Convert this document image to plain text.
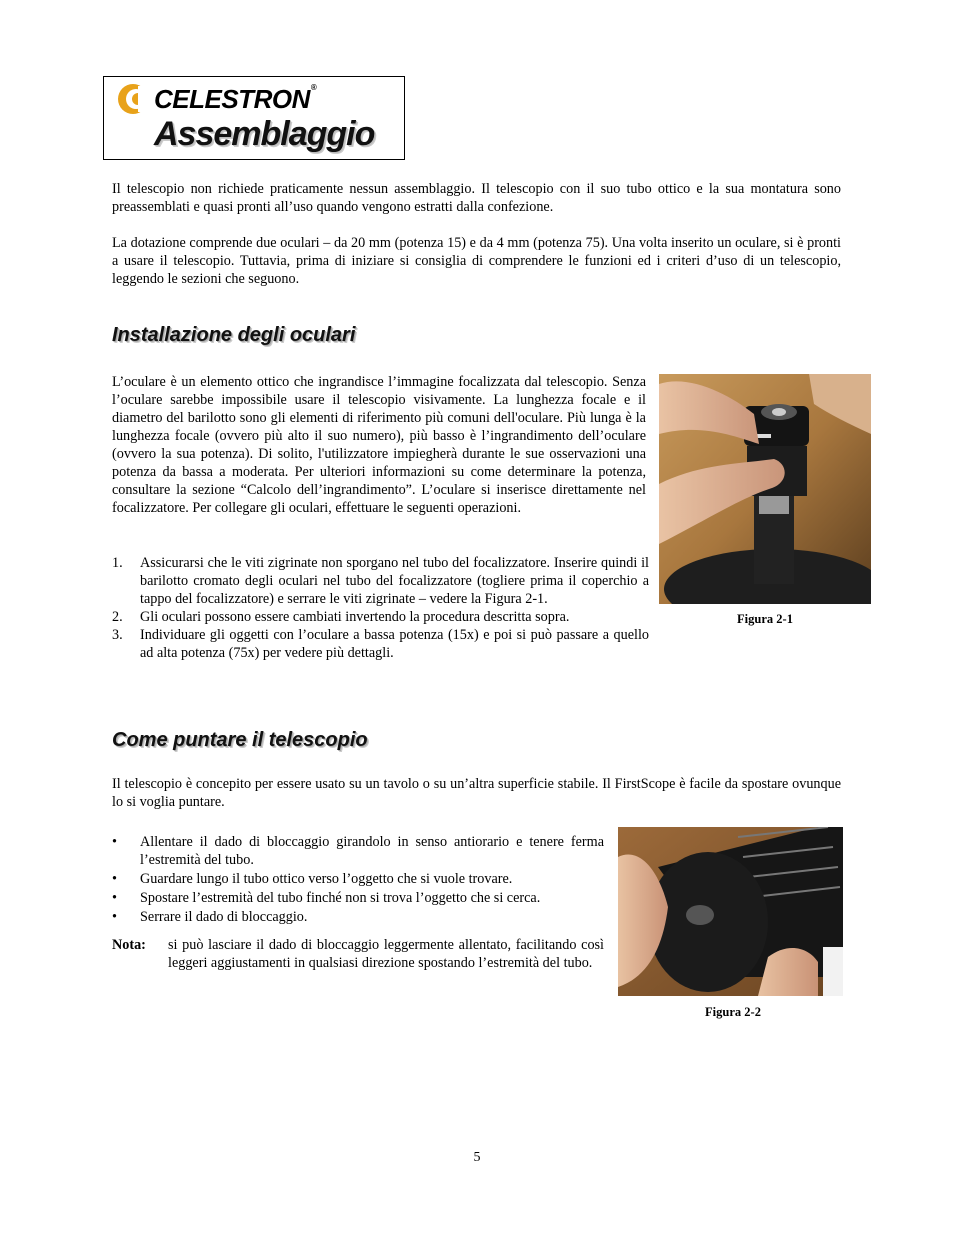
CELESTRON®
Assemblaggio

Il telescopio non richiede praticamente nessun assemblaggio. Il telescopio con il suo tubo ottico e la sua montatura sono preassemblati e quasi pronti all’uso quando vengono estratti dalla confezione.

La dotazione comprende due oculari – da 20 mm (potenza 15) e da 4 mm (potenza 75). Una volta inserito un oculare, si è pronti a usare il telescopio. Tuttavia, prima di iniziare si consiglia di comprendere le funzioni ed i criteri d’uso di un telescopio, leggendo le sezioni che seguono.

Installazione degli oculari

L’oculare è un elemento ottico che ingrandisce l’immagine focalizzata dal telescopio. Senza l’oculare sarebbe impossibile usare il telescopio visivamente. La lunghezza focale e il diametro del barilotto sono gli elementi di riferimento più comuni dell'oculare. Più lunga è la lunghezza focale (ovvero più alto il suo numero), più basso è l’ingrandimento dell’oculare (ovvero la sua potenza). Di solito, l'utilizzatore impiegherà durante le sue osservazioni una potenza da bassa a moderata. Per ulteriori informazioni su come determinare la potenza, consultare la sezione “Calcolo dell’ingrandimento”. L’oculare si inserisce direttamente nel focalizzatore. Per collegare gli oculari, effettuare le seguenti operazioni.

1. Assicurarsi che le viti zigrinate non sporgano nel tubo del focalizzatore. Inserire quindi il barilotto cromato degli oculari nel tubo del focalizzatore (togliere prima il coperchio a tappo del focalizzatore) e serrare le viti zigrinate – vedere la Figura 2-1.
2. Gli oculari possono essere cambiati invertendo la procedura descritta sopra.
3. Individuare gli oggetti con l’oculare a bassa potenza (15x) e poi si può passare a quello ad alta potenza (75x) per vedere più dettagli.
Figura 2-1
Come puntare il telescopio

Il telescopio è concepito per essere usato su un tavolo o su un’altra superficie stabile. Il FirstScope è facile da spostare ovunque lo si voglia puntare.

• Allentare il dado di bloccaggio girandolo in senso antiorario e tenere ferma l’estremità del tubo.
• Guardare lungo il tubo ottico verso l’oggetto che si vuole trovare.
• Spostare l’estremità del tubo finché non si trova l’oggetto che si cerca.
• Serrare il dado di bloccaggio.
Nota: si può lasciare il dado di bloccaggio leggermente allentato, facilitando così leggeri aggiustamenti in qualsiasi direzione spostando l’estremità del tubo.

Figura 2-2
5
